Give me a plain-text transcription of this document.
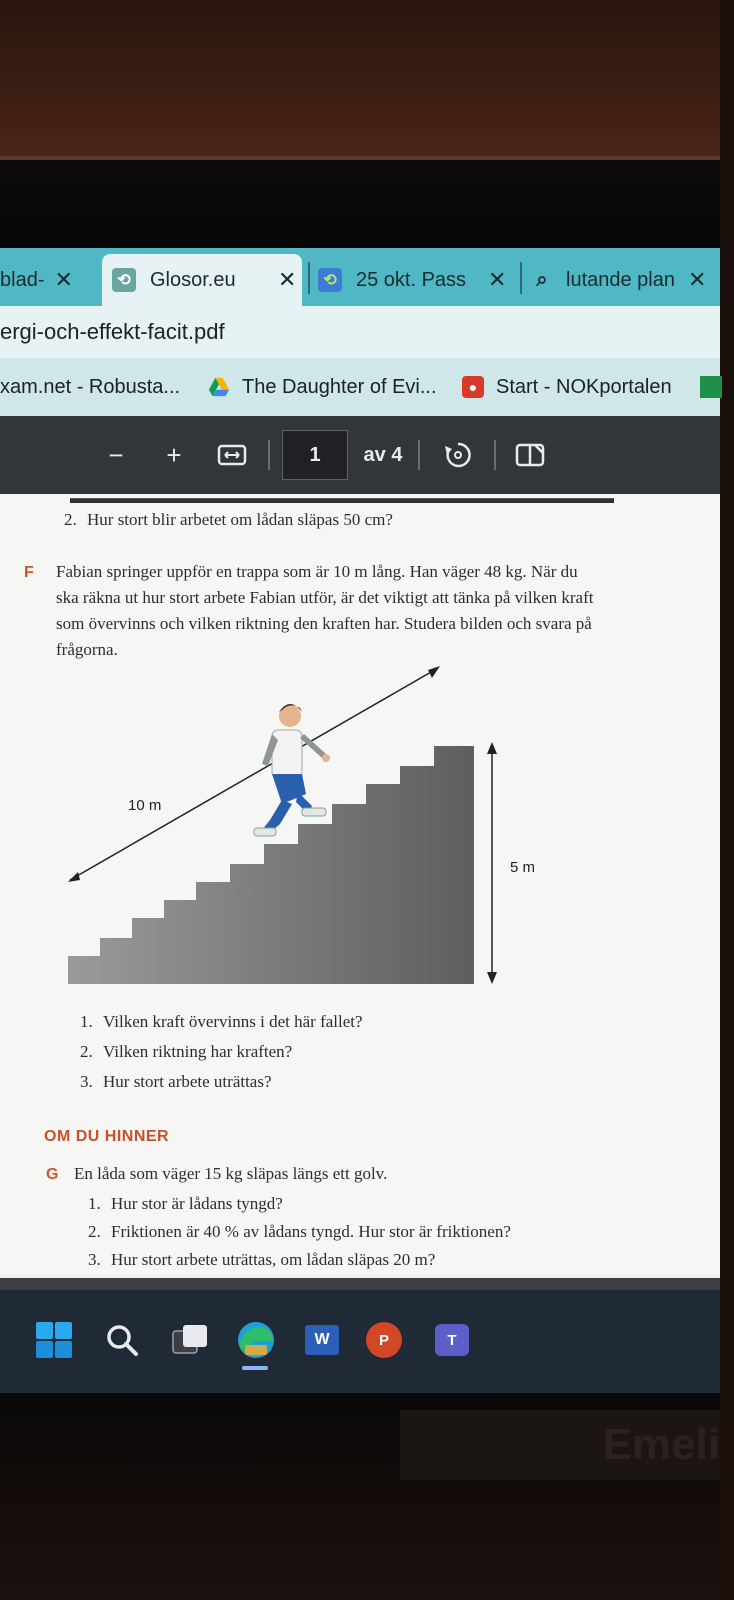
blad- ✕	⟲ Glosor.eu	✕	⟲ 25 okt. Pass ✕	⌕ lutande plan ✕
ergi-och-effekt-facit.pdf
xam.net - Robusta...	The Daughter of Evi...	● Start - NOKportalen
−	+	1	av 4
▬▬▬▬▬▬▬▬▬▬▬▬▬▬▬▬▬▬▬▬▬▬▬▬▬▬▬▬▬▬▬▬▬▬
2. Hur stort blir arbetet om lådan släpas 50 cm?
F Fabian springer uppför en trappa som är 10 m lång. Han väger 48 kg. När du
ska räkna ut hur stort arbete Fabian utför, är det viktigt att tänka på vilken kraft
som övervinns och vilken riktning den kraften har. Studera bilden och svara på
frågorna.
10 m
5 m
1. Vilken kraft övervinns i det här fallet?
2. Vilken riktning har kraften?
3. Hur stort arbete uträttas?
OM DU HINNER
G En låda som väger 15 kg släpas längs ett golv.
1. Hur stor är lådans tyngd?
2. Friktionen är 40 % av lådans tyngd. Hur stor är friktionen?
3. Hur stort arbete uträttas, om lådan släpas 20 m?
W	P	T
Emeli
